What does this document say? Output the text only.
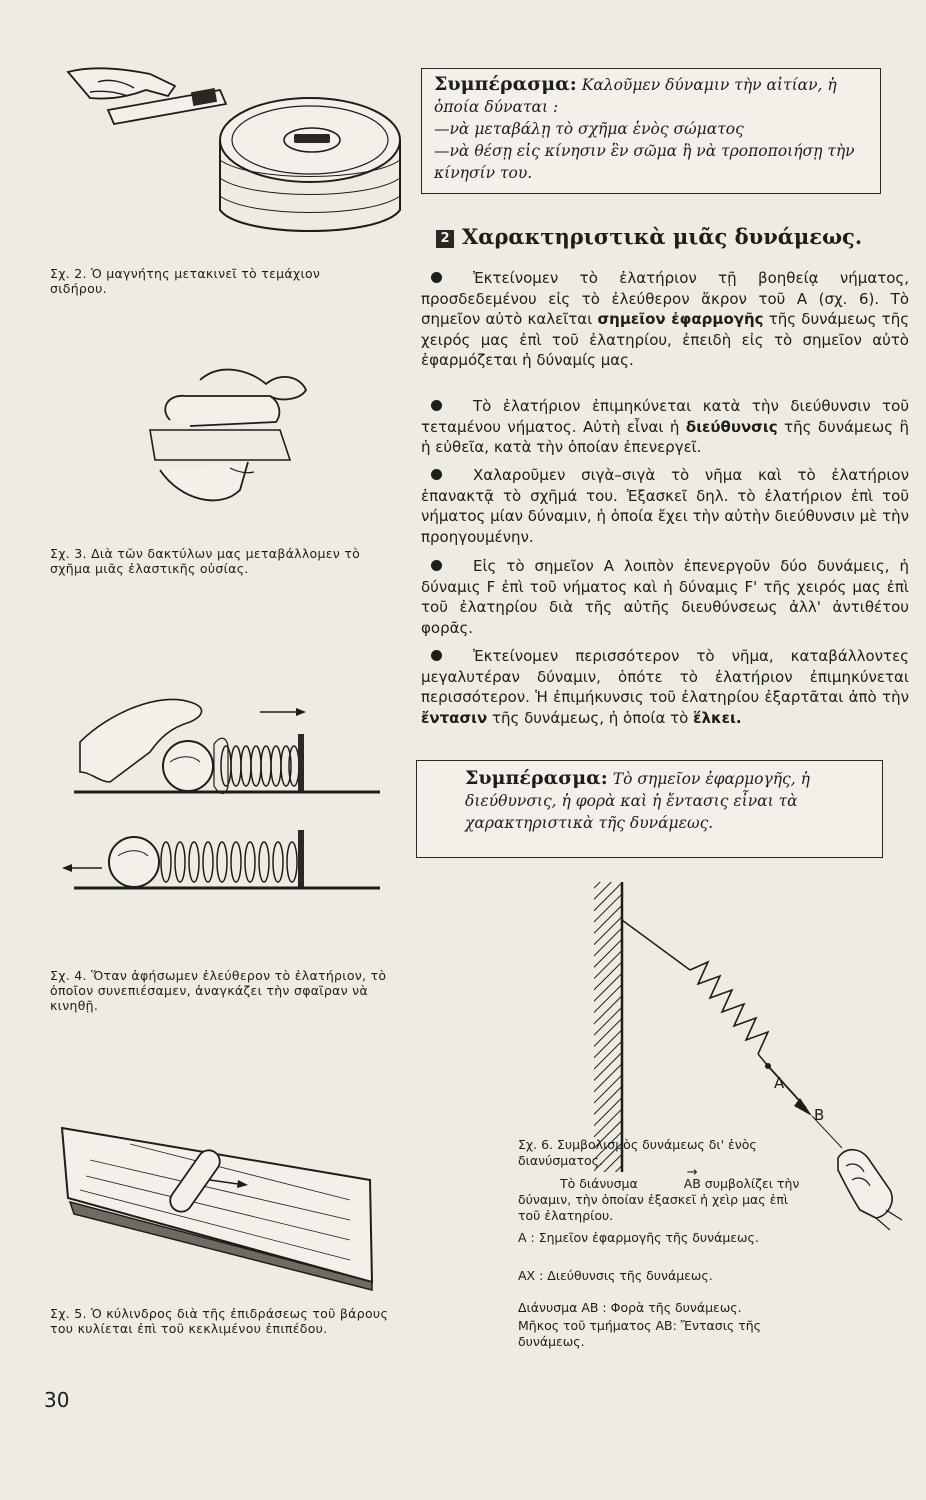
Σχ. 2. Ὁ μαγνήτης μετακινεῖ τὸ τεμάχιον σιδήρου.
Σχ. 3. Διὰ τῶν δακτύλων μας μεταβάλλομεν τὸ σχῆμα μιᾶς ἐλαστικῆς οὐσίας.
Σχ. 4. Ὅταν ἀφήσωμεν ἐλεύθερον τὸ ἐλατήριον, τὸ ὁποῖον συνεπιέσαμεν, ἀναγκάζει τὴν σφαῖραν νὰ κινηθῇ.
Σχ. 5. Ὁ κύλινδρος διὰ τῆς ἐπιδράσεως τοῦ βάρους του κυλίεται ἐπὶ τοῦ κεκλιμένου ἐπιπέδου.
30
Συμπέρασμα: Καλοῦμεν δύναμιν τὴν αἰτίαν, ἡ ὁποία δύναται :
—νὰ μεταβάλῃ τὸ σχῆμα ἑνὸς σώματος
—νὰ θέσῃ εἰς κίνησιν ἓν σῶμα ἢ νὰ τροποποιήσῃ τὴν κίνησίν του.
2 Χαρακτηριστικὰ μιᾶς δυνάμεως.
Ἐκτείνομεν τὸ ἐλατήριον τῇ βοηθείᾳ νήματος, προσδεδεμένου εἰς τὸ ἐλεύθερον ἄκρον τοῦ Α (σχ. 6). Τὸ σημεῖον αὐτὸ καλεῖται σημεῖον ἐφαρμογῆς τῆς δυνάμεως τῆς χειρός μας ἐπὶ τοῦ ἐλατηρίου, ἐπειδὴ εἰς τὸ σημεῖον αὐτὸ ἐφαρμόζεται ἡ δύναμίς μας.
Τὸ ἐλατήριον ἐπιμηκύνεται κατὰ τὴν διεύθυνσιν τοῦ τεταμένου νήματος. Αὐτὴ εἶναι ἡ διεύθυνσις τῆς δυνάμεως ἢ ἡ εὐθεῖα, κατὰ τὴν ὁποίαν ἐπενεργεῖ.
Χαλαροῦμεν σιγὰ–σιγὰ τὸ νῆμα καὶ τὸ ἐλατήριον ἐπανακτᾷ τὸ σχῆμά του. Ἐξασκεῖ δηλ. τὸ ἐλατήριον ἐπὶ τοῦ νήματος μίαν δύναμιν, ἡ ὁποία ἔχει τὴν αὐτὴν διεύθυνσιν μὲ τὴν προηγουμένην.
Εἰς τὸ σημεῖον Α λοιπὸν ἐπενεργοῦν δύο δυνάμεις, ἡ δύναμις F ἐπὶ τοῦ νήματος καὶ ἡ δύναμις F' τῆς χειρός μας ἐπὶ τοῦ ἐλατηρίου διὰ τῆς αὐτῆς διευθύνσεως ἀλλ' ἀντιθέτου φορᾶς.
Ἐκτείνομεν περισσότερον τὸ νῆμα, καταβάλλοντες μεγαλυτέραν δύναμιν, ὁπότε τὸ ἐλατήριον ἐπιμηκύνεται περισσότερον. Ἡ ἐπιμήκυνσις τοῦ ἐλατηρίου ἐξαρτᾶται ἀπὸ τὴν ἔντασιν τῆς δυνάμεως, ἡ ὁποία τὸ ἕλκει.
Συμπέρασμα: Τὸ σημεῖον ἐφαρμογῆς, ἡ διεύθυνσις, ἡ φορὰ καὶ ἡ ἔντασις εἶναι τὰ χαρακτηριστικὰ τῆς δυνάμεως.
A
B
Σχ. 6. Συμβολισμὸς δυνάμεως δι' ἑνὸς διανύσματος.
Τὸ διάνυσμα →	ΑΒ συμβολίζει τὴν δύναμιν, τὴν ὁποίαν ἐξασκεῖ ἡ χεὶρ μας ἐπὶ τοῦ ἐλατηρίου.
Α : Σημεῖον ἐφαρμογῆς τῆς δυνάμεως.
ΑΧ : Διεύθυνσις τῆς δυνάμεως.
Διάνυσμα ΑΒ : Φορὰ τῆς δυνάμεως.
Μῆκος τοῦ τμήματος ΑΒ: Ἔντασις τῆς δυνάμεως.
